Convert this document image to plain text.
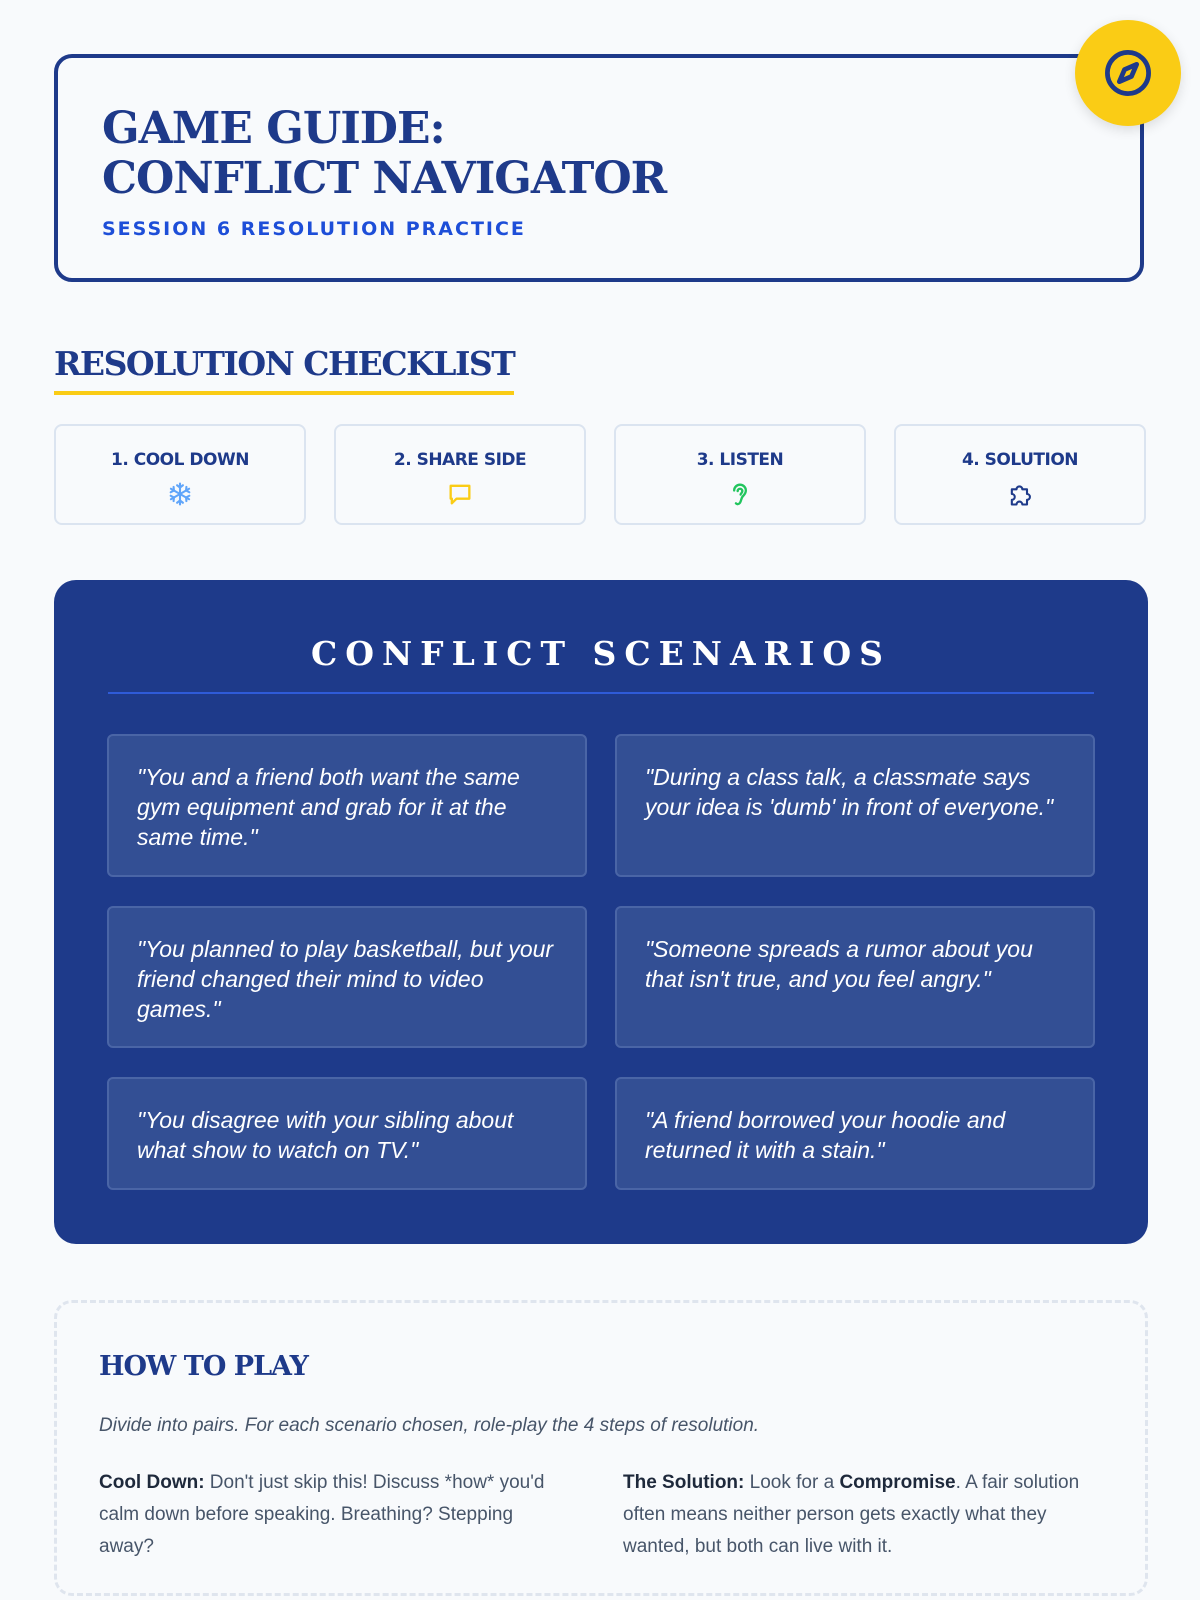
GAME GUIDE:
CONFLICT NAVIGATOR
SESSION 6 RESOLUTION PRACTICE
RESOLUTION CHECKLIST
1. COOL DOWN	2. SHARE SIDE	3. LISTEN	4. SOLUTION
CONFLICT SCENARIOS
"You and a friend both want the same gym equipment and grab for it at the same time."
"During a class talk, a classmate says your idea is 'dumb' in front of everyone."
"You planned to play basketball, but your friend changed their mind to video games."
"Someone spreads a rumor about you that isn't true, and you feel angry."
"You disagree with your sibling about what show to watch on TV."
"A friend borrowed your hoodie and returned it with a stain."
HOW TO PLAY
Divide into pairs. For each scenario chosen, role-play the 4 steps of resolution.
Cool Down: Don't just skip this! Discuss *how* you'd calm down before speaking. Breathing? Stepping away?
The Solution: Look for a Compromise. A fair solution often means neither person gets exactly what they wanted, but both can live with it.
